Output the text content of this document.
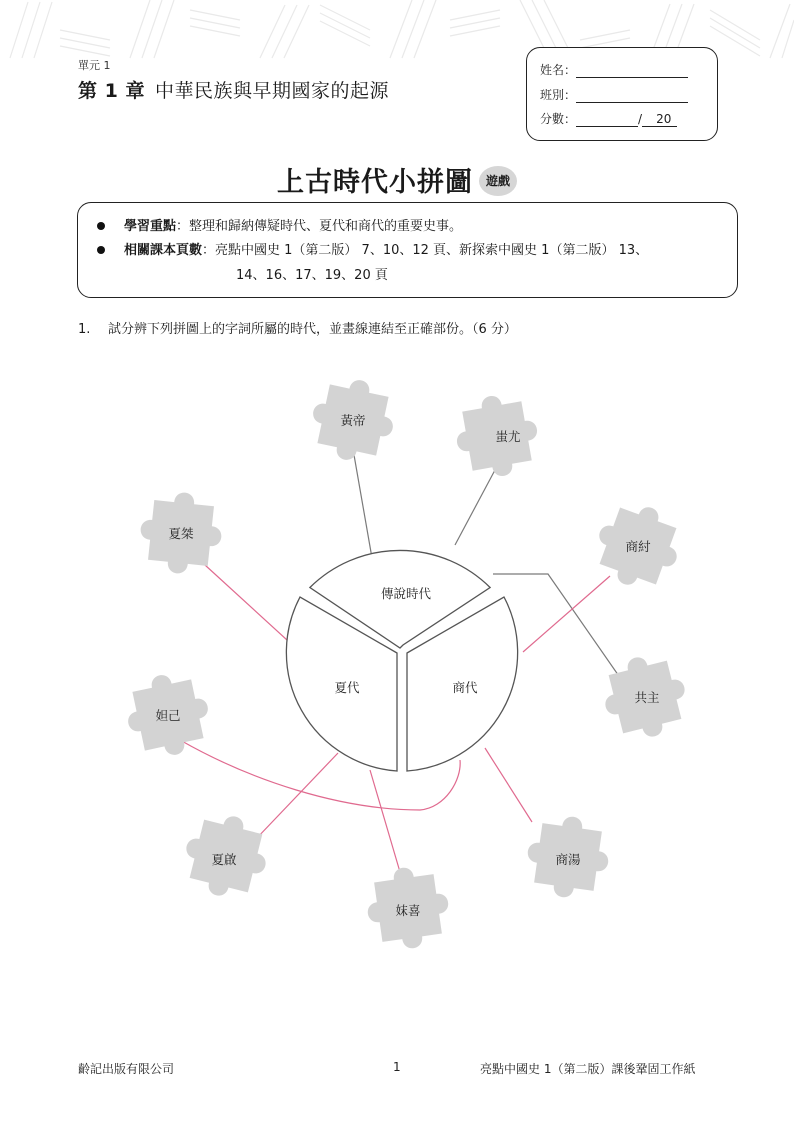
單元 1
第 1 章 中華民族與早期國家的起源
姓名：
班別：
分數：	/ 20
上古時代小拼圖 遊戲
學習重點：整理和歸納傳疑時代、夏代和商代的重要史事。
相關課本頁數：亮點中國史 1（第二版） 7、10、12 頁、新探索中國史 1（第二版） 13、
14、16、17、19、20 頁
1. 試分辨下列拼圖上的字詞所屬的時代，並畫線連結至正確部份。（6 分）
傳說時代
夏代	商代
黃帝
蚩尤
商紂
共主
商湯
妺喜
夏啟
妲己
夏桀
齡記出版有限公司	1	亮點中國史 1（第二版）課後鞏固工作紙
